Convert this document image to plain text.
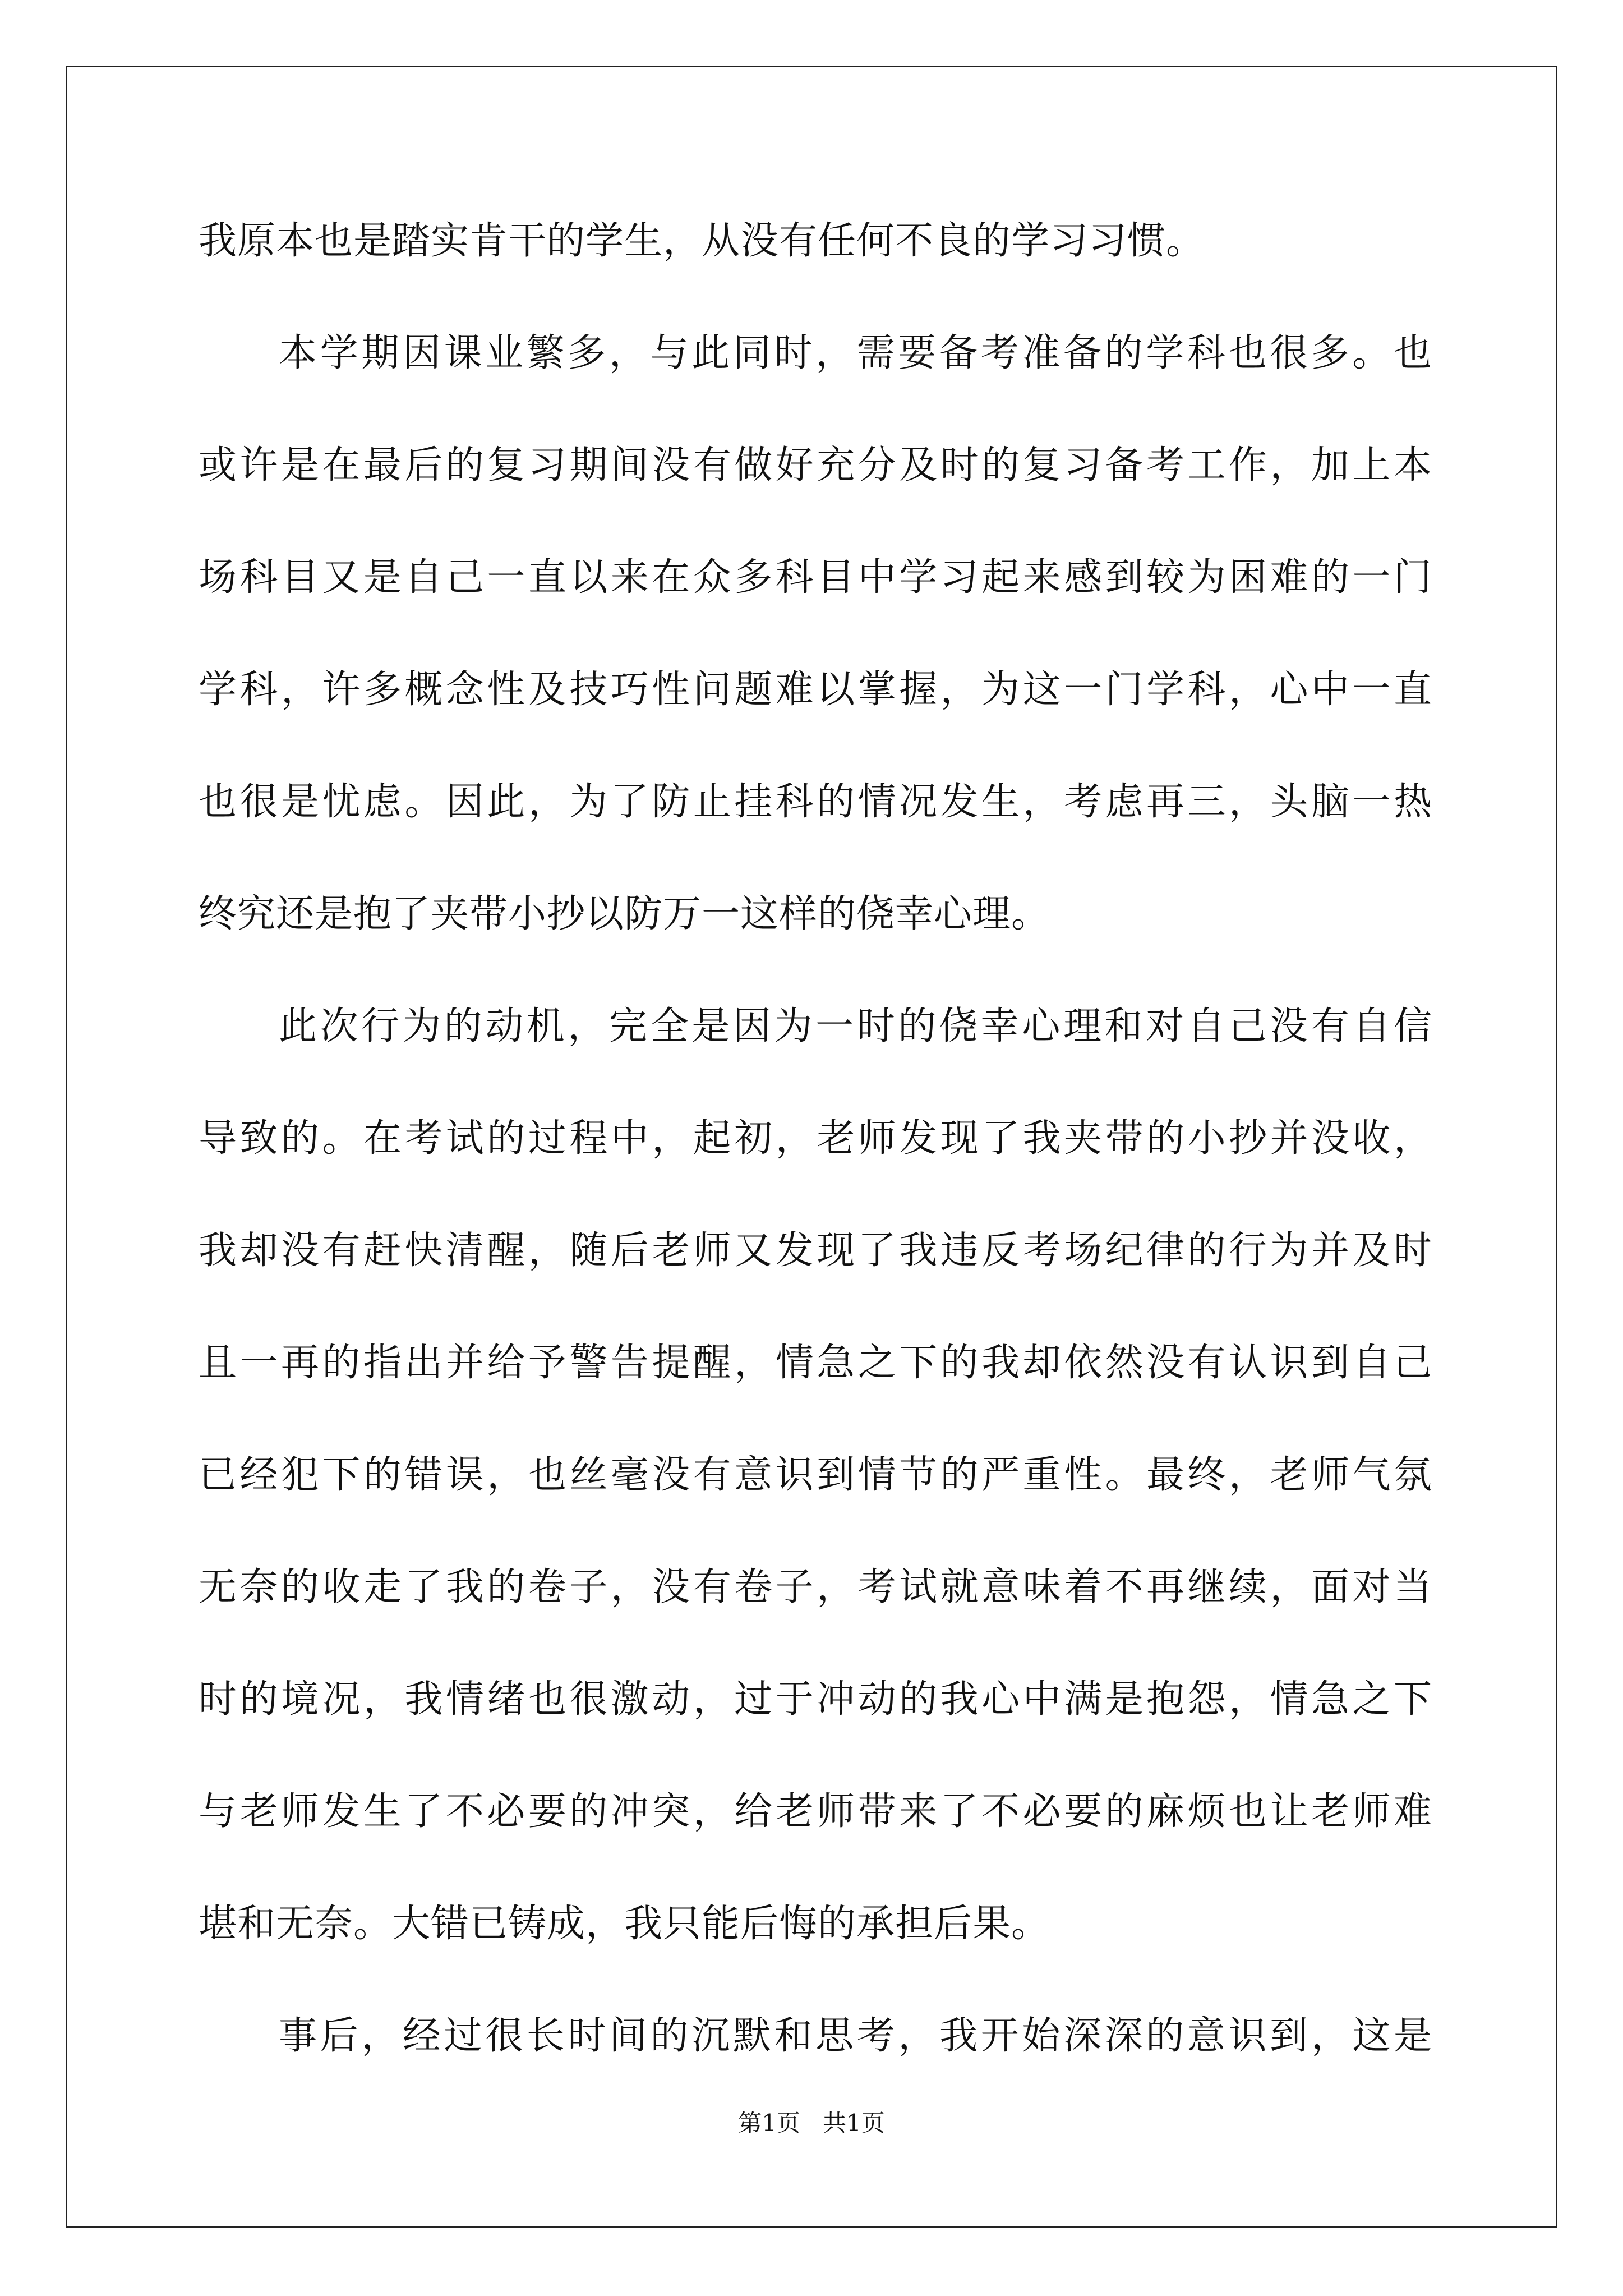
我原本也是踏实肯干的学生，从没有任何不良的学习习惯。
本学期因课业繁多，与此同时，需要备考准备的学科也很多。也
或许是在最后的复习期间没有做好充分及时的复习备考工作，加上本
场科目又是自己一直以来在众多科目中学习起来感到较为困难的一门
学科，许多概念性及技巧性问题难以掌握，为这一门学科，心中一直
也很是忧虑。因此，为了防止挂科的情况发生，考虑再三，头脑一热
终究还是抱了夹带小抄以防万一这样的侥幸心理。
此次行为的动机，完全是因为一时的侥幸心理和对自己没有自信
导致的。在考试的过程中，起初，老师发现了我夹带的小抄并没收，
我却没有赶快清醒，随后老师又发现了我违反考场纪律的行为并及时
且一再的指出并给予警告提醒，情急之下的我却依然没有认识到自己
已经犯下的错误，也丝毫没有意识到情节的严重性。最终，老师气氛
无奈的收走了我的卷子，没有卷子，考试就意味着不再继续，面对当
时的境况，我情绪也很激动，过于冲动的我心中满是抱怨，情急之下
与老师发生了不必要的冲突，给老师带来了不必要的麻烦也让老师难
堪和无奈。大错已铸成，我只能后悔的承担后果。
事后，经过很长时间的沉默和思考，我开始深深的意识到，这是
第1页 共1页
